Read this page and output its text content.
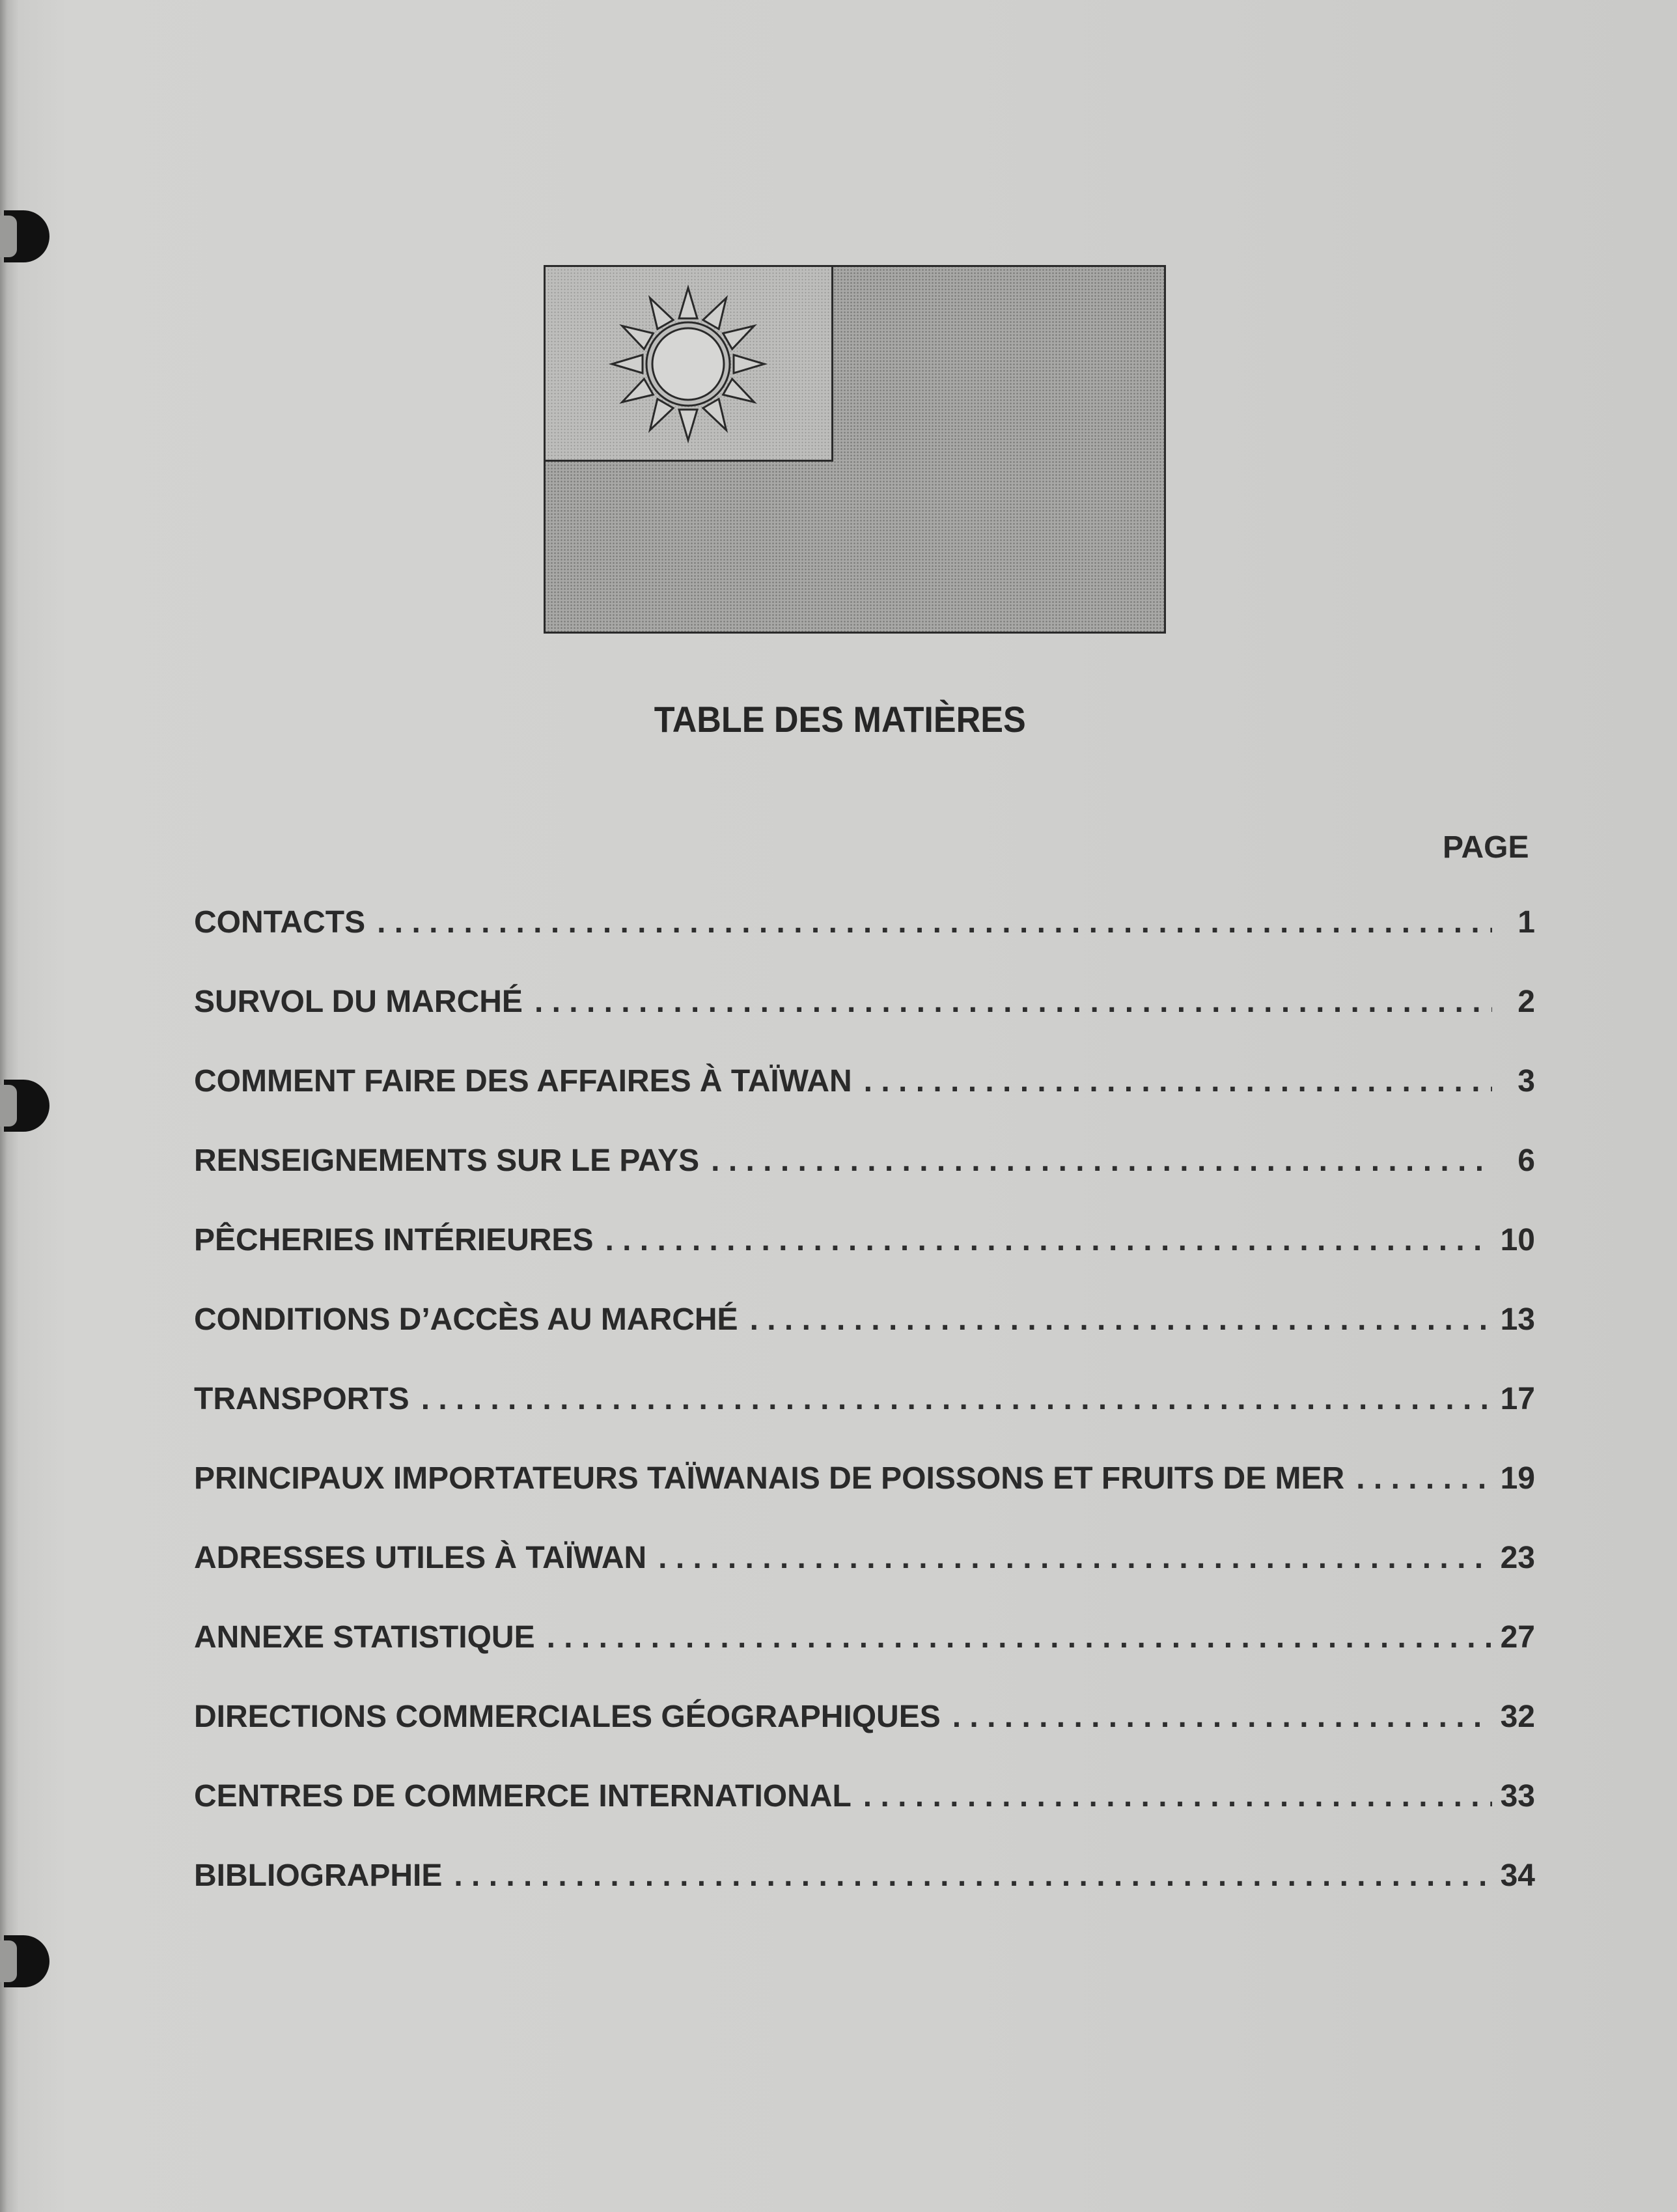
TABLE DES MATIÈRES
PAGE
CONTACTS . . .	1
SURVOL DU MARCHÉ . . .	2
COMMENT FAIRE DES AFFAIRES À TAÏWAN . . .	3
RENSEIGNEMENTS SUR LE PAYS . . .	6
PÊCHERIES INTÉRIEURES . . .	10
CONDITIONS D’ACCÈS AU MARCHÉ . . .	13
TRANSPORTS . . .	17
PRINCIPAUX IMPORTATEURS TAÏWANAIS DE POISSONS ET FRUITS DE MER . . .	19
ADRESSES UTILES À TAÏWAN . . .	23
ANNEXE STATISTIQUE . . .	27
DIRECTIONS COMMERCIALES GÉOGRAPHIQUES . . .	32
CENTRES DE COMMERCE INTERNATIONAL . . .	33
BIBLIOGRAPHIE . . .	34
